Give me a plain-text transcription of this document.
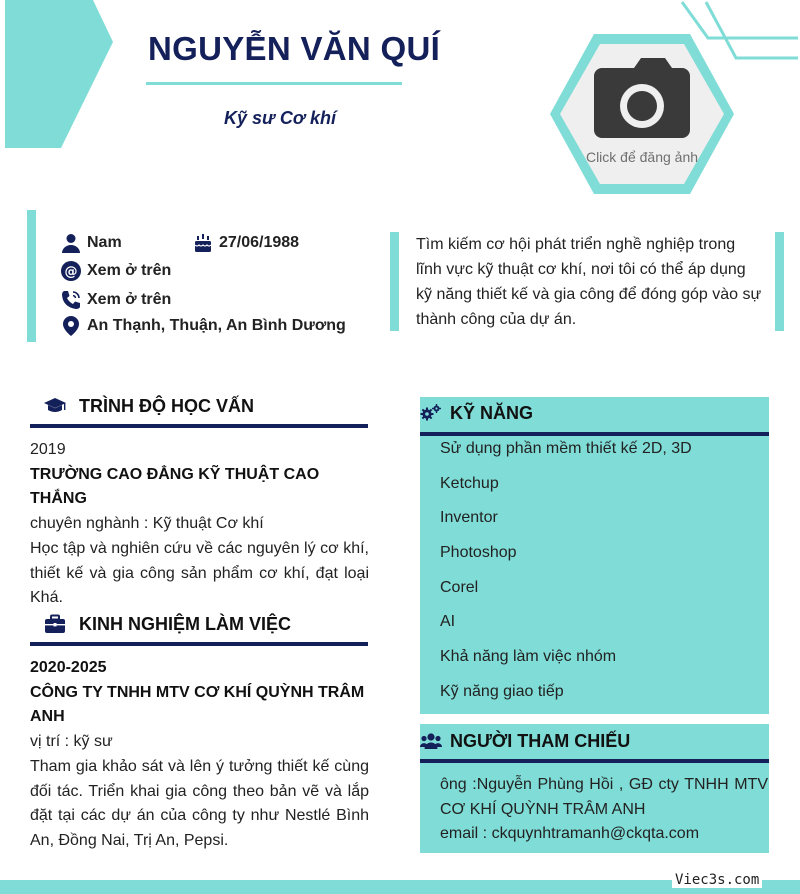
NGUYỄN VĂN QUÍ
Kỹ sư Cơ khí
Click để đăng ảnh
Nam	27/06/1988
@ Xem ở trên
Xem ở trên
An Thạnh, Thuận, An Bình Dương
Tìm kiếm cơ hội phát triển nghề nghiệp trong lĩnh vực kỹ thuật cơ khí, nơi tôi có thể áp dụng kỹ năng thiết kế và gia công để đóng góp vào sự thành công của dự án.
TRÌNH ĐỘ HỌC VẤN
2019
TRƯỜNG CAO ĐẲNG KỸ THUẬT CAO THẮNG
chuyên nghành : Kỹ thuật Cơ khí
Học tập và nghiên cứu về các nguyên lý cơ khí, thiết kế và gia công sản phẩm cơ khí, đạt loại Khá.
KINH NGHIỆM LÀM VIỆC
2020-2025
CÔNG TY TNHH MTV CƠ KHÍ QUỲNH TRÂM ANH
vị trí : kỹ sư
Tham gia khảo sát và lên ý tưởng thiết kế cùng đối tác. Triển khai gia công theo bản vẽ và lắp đặt tại các dự án của công ty như Nestlé Bình An, Đồng Nai, Trị An, Pepsi.
KỸ NĂNG
Sử dụng phần mềm thiết kế 2D, 3D
Ketchup
Inventor
Photoshop
Corel
AI
Khả năng làm việc nhóm
Kỹ năng giao tiếp
NGƯỜI THAM CHIẾU
ông :Nguyễn Phùng Hồi , GĐ cty TNHH MTV CƠ KHÍ QUỲNH TRÂM ANH
email : ckquynhtramanh@ckqta.com
Viec3s.com
